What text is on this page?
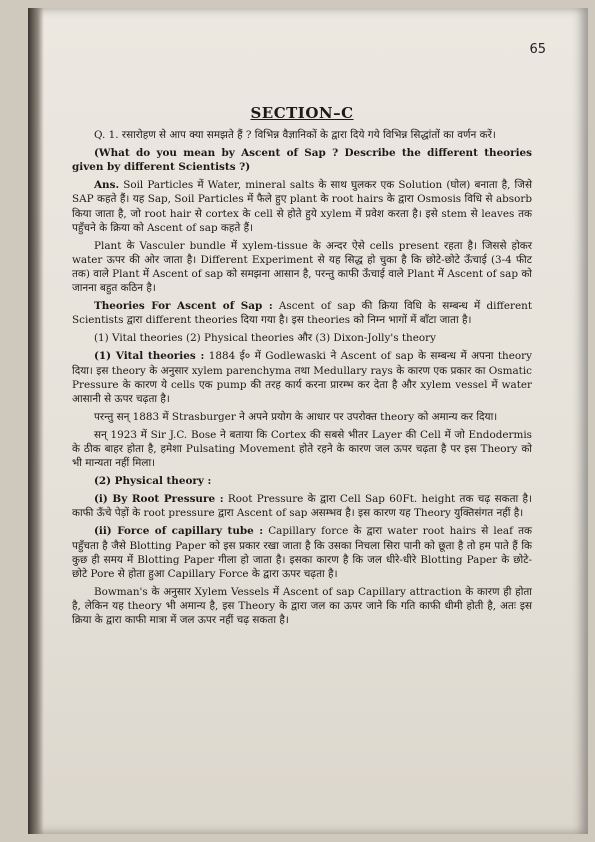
65
SECTION–C

Q. 1. रसारोहण से आप क्या समझते हैं ? विभिन्न वैज्ञानिकों के द्वारा दिये गये विभिन्न सिद्धांतों का वर्णन करें।

(What do you mean by Ascent of Sap ? Describe the different theories given by different Scientists ?)

Ans. Soil Particles में Water, mineral salts के साथ घुलकर एक Solution (घोल) बनाता है, जिसे SAP कहते हैं। यह Sap, Soil Particles में फैले हुए plant के root hairs के द्वारा Osmosis विधि से absorb किया जाता है, जो root hair से cortex के cell से होते हुये xylem में प्रवेश करता है। इसे stem से leaves तक पहुँचने के क्रिया को Ascent of sap कहते हैं।

Plant के Vasculer bundle में xylem-tissue के अन्दर ऐसे cells present रहता है। जिससे होकर water ऊपर की ओर जाता है। Different Experiment से यह सिद्ध हो चुका है कि छोटे-छोटे ऊँचाई (3-4 फीट तक) वाले Plant में Ascent of sap को समझना आसान है, परन्तु काफी ऊँचाई वाले Plant में Ascent of sap को जानना बहुत कठिन है।

Theories For Ascent of Sap : Ascent of sap की क्रिया विधि के सम्बन्ध में different Scientists द्वारा different theories दिया गया है। इस theories को निम्न भागों में बाँटा जाता है।

(1) Vital theories (2) Physical theories और (3) Dixon-Jolly's theory

(1) Vital theories : 1884 ई० में Godlewaski ने Ascent of sap के सम्बन्ध में अपना theory दिया। इस theory के अनुसार xylem parenchyma तथा Medullary rays के कारण एक प्रकार का Osmatic Pressure के कारण ये cells एक pump की तरह कार्य करना प्रारम्भ कर देता है और xylem vessel में water आसानी से ऊपर चढ़ता है।

परन्तु सन् 1883 में Strasburger ने अपने प्रयोग के आधार पर उपरोक्त theory को अमान्य कर दिया।

सन् 1923 में Sir J.C. Bose ने बताया कि Cortex की सबसे भीतर Layer की Cell में जो Endodermis के ठीक बाहर होता है, हमेशा Pulsating Movement होते रहने के कारण जल ऊपर चढ़ता है पर इस Theory को भी मान्यता नहीं मिला।

(2) Physical theory :

(i) By Root Pressure : Root Pressure के द्वारा Cell Sap 60Ft. height तक चढ़ सकता है। काफी ऊँचे पेड़ों के root pressure द्वारा Ascent of sap असम्भव है। इस कारण यह Theory युक्तिसंगत नहीं है।

(ii) Force of capillary tube : Capillary force के द्वारा water root hairs से leaf तक पहुँचता है जैसे Blotting Paper को इस प्रकार रखा जाता है कि उसका निचला सिरा पानी को छूता है तो हम पाते हैं कि कुछ ही समय में Blotting Paper गीला हो जाता है। इसका कारण है कि जल धीरे-धीरे Blotting Paper के छोटे-छोटे Pore से होता हुआ Capillary Force के द्वारा ऊपर चढ़ता है।

Bowman's के अनुसार Xylem Vessels में Ascent of sap Capillary attraction के कारण ही होता है, लेकिन यह theory भी अमान्य है, इस Theory के द्वारा जल का ऊपर जाने कि गति काफी धीमी होती है, अतः इस क्रिया के द्वारा काफी मात्रा में जल ऊपर नहीं चढ़ सकता है।
